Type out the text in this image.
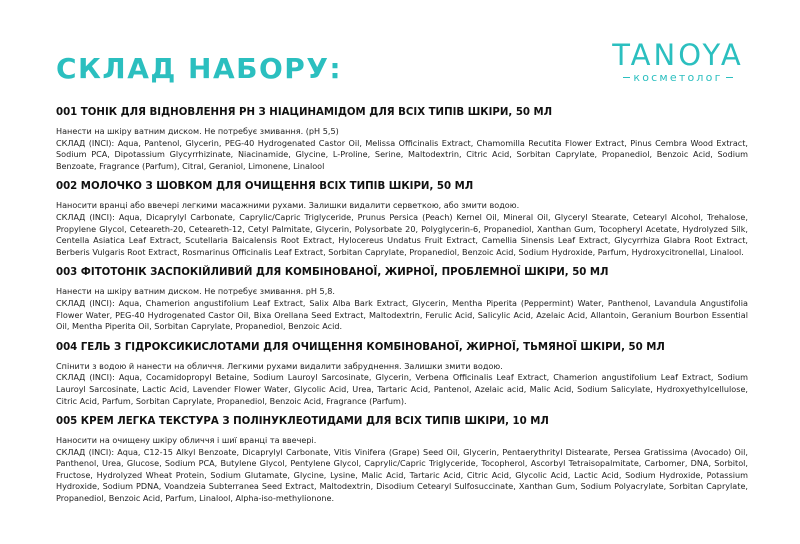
СКЛАД НАБОРУ:	TANOYA
косметолог
001 ТОНІК ДЛЯ ВІДНОВЛЕННЯ РН З НІАЦИНАМІДОМ ДЛЯ ВСІХ ТИПІВ ШКІРИ, 50 МЛ

Нанести на шкіру ватним диском. Не потребує змивання. (рН 5,5)

СКЛАД (INCI): Aqua, Pantenol, Glycerin, PEG-40 Hydrogenated Castor Oil, Melissa Officinalis Extract, Chamomilla Recutita Flower Extract, Pinus Cembra Wood Extract, Sodium PCA, Dipotassium Glycyrrhizinate, Niacinamide, Glycine, L-Proline, Serine, Maltodextrin, Citric Acid, Sorbitan Caprylate, Propanediol, Benzoic Acid, Sodium Benzoate, Fragrance (Parfum), Citral, Geraniol, Limonene, Linalool

002 МОЛОЧКО З ШОВКОМ ДЛЯ ОЧИЩЕННЯ ВСІХ ТИПІВ ШКІРИ, 50 МЛ

Наносити вранці або ввечері легкими масажними рухами. Залишки видалити серветкою, або змити водою.

СКЛАД (INCI): Aqua, Dicaprylyl Carbonate, Caprylic/Capric Triglyceride, Prunus Persica (Peach) Kernel Oil, Mineral Oil, Glyceryl Stearate, Cetearyl Alcohol, Trehalose, Propylene Glycol, Ceteareth-20, Ceteareth-12, Cetyl Palmitate, Glycerin, Polysorbate 20, Polyglycerin-6, Propanediol, Xanthan Gum, Tocopheryl Acetate, Hydrolyzed Silk, Centella Asiatica Leaf Extract, Scutellaria Baicalensis Root Extract, Hylocereus Undatus Fruit Extract, Camellia Sinensis Leaf Extract, Glycyrrhiza Glabra Root Extract, Berberis Vulgaris Root Extract, Rosmarinus Officinalis Leaf Extract, Sorbitan Caprylate, Propanediol, Benzoic Acid, Sodium Hydroxide, Parfum, Hydroxycitronellal, Linalool.

003 ФІТОТОНІК ЗАСПОКІЙЛИВИЙ ДЛЯ КОМБІНОВАНОЇ, ЖИРНОЇ, ПРОБЛЕМНОЇ ШКІРИ, 50 МЛ

Нанести на шкіру ватним диском. Не потребує змивання. рН 5,8.

СКЛАД (INCI): Aqua, Chamerion angustifolium Leaf Extract, Salix Alba Bark Extract, Glycerin, Mentha Piperita (Peppermint) Water, Panthenol, Lavandula Angustifolia Flower Water, PEG-40 Hydrogenated Castor Oil, Bixa Orellana Seed Extract, Maltodextrin, Ferulic Acid, Salicylic Acid, Azelaic Acid, Allantoin, Geranium Bourbon Essential Oil, Mentha Piperita Oil, Sorbitan Caprylate, Propanediol, Benzoic Acid.

004 ГЕЛЬ З ГІДРОКСИКИСЛОТАМИ ДЛЯ ОЧИЩЕННЯ КОМБІНОВАНОЇ, ЖИРНОЇ, ТЬМЯНОЇ ШКІРИ, 50 МЛ

Спінити з водою й нанести на обличчя. Легкими рухами видалити забруднення. Залишки змити водою.

СКЛАД (INCI): Aqua, Cocamidopropyl Betaine, Sodium Lauroyl Sarcosinate, Glycerin, Verbena Officinalis Leaf Extract, Chamerion angustifolium Leaf Extract, Sodium Lauroyl Sarcosinate, Lactic Acid, Lavender Flower Water, Glycolic Acid, Urea, Tartaric Acid, Pantenol, Azelaic acid, Malic Acid, Sodium Salicylate, Hydroxyethylcellulose, Citric Acid, Parfum, Sorbitan Caprylate, Propanediol, Benzoic Acid, Fragrance (Parfum).

005 КРЕМ ЛЕГКА ТЕКСТУРА З ПОЛІНУКЛЕОТИДАМИ ДЛЯ ВСІХ ТИПІВ ШКІРИ, 10 МЛ

Наносити на очищену шкіру обличчя і шиї вранці та ввечері.

СКЛАД (INCI): Aqua, C12-15 Alkyl Benzoate, Dicaprylyl Carbonate, Vitis Vinifera (Grape) Seed Oil, Glycerin, Pentaerythrityl Distearate, Persea Gratissima (Avocado) Oil, Panthenol, Urea, Glucose, Sodium PCA, Butylene Glycol, Pentylene Glycol, Caprylic/Capric Triglyceride, Tocopherol, Ascorbyl Tetraisopalmitate, Carbomer, DNA, Sorbitol, Fructose, Hydrolyzed Wheat Protein, Sodium Glutamate, Glycine, Lysine, Malic Acid, Tartaric Acid, Citric Acid, Glycolic Acid, Lactic Acid, Sodium Hydroxide, Potassium Hydroxide, Sodium PDNA, Voandzeia Subterranea Seed Extract, Maltodextrin, Disodium Cetearyl Sulfosuccinate, Xanthan Gum, Sodium Polyacrylate, Sorbitan Caprylate, Propanediol, Benzoic Acid, Parfum, Linalool, Alpha-iso-methylionone.
